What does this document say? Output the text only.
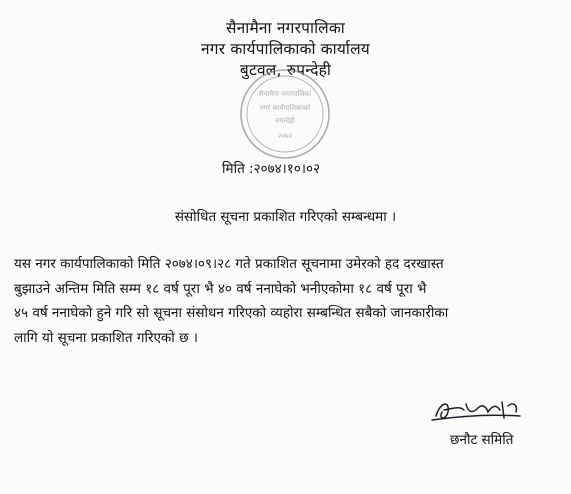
सैनामैना नगरपालिका
नगर कार्यपालिकाको कार्यालय
बुटवल, रुपन्देही
सैनामैना नगरपालिका
नगर कार्यपालिकाको
रुपन्देही
२०७२
मिति :२०७४।१०।०२
संसोधित सूचना प्रकाशित गरिएको सम्बन्धमा ।
यस नगर कार्यपालिकाको मिति २०७४।०९।२८ गते प्रकाशित सूचनामा उमेरको हद दरखास्त
बुझाउने अन्तिम मिति सम्म १८ वर्ष पूरा भै ४० वर्ष ननाघेको भनीएकोमा १८ वर्ष पूरा भै
४५ वर्ष ननाघेको हुने गरि सो सूचना संसोधन गरिएको व्यहोरा सम्बन्धित सबैको जानकारीका
लागि यो सूचना प्रकाशित गरिएको छ ।
छनौट समिति
